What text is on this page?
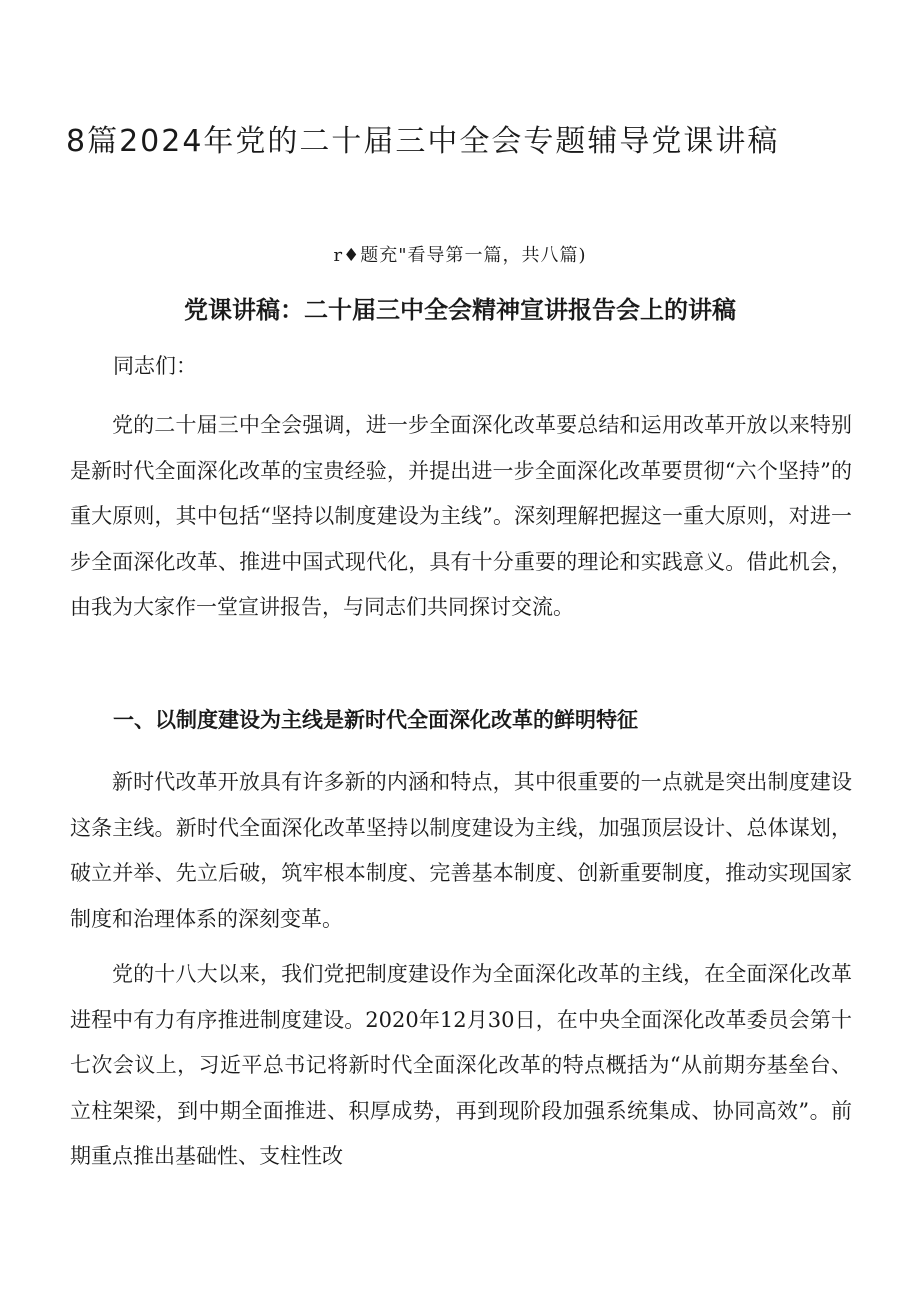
8篇2024年党的二十届三中全会专题辅导党课讲稿
r♦题充"看导第一篇，共八篇)
党课讲稿：二十届三中全会精神宣讲报告会上的讲稿
同志们：

党的二十届三中全会强调，进一步全面深化改革要总结和运用改革开放以来特别是新时代全面深化改革的宝贵经验，并提出进一步全面深化改革要贯彻“六个坚持”的重大原则，其中包括“坚持以制度建设为主线”。深刻理解把握这一重大原则，对进一步全面深化改革、推进中国式现代化，具有十分重要的理论和实践意义。借此机会，由我为大家作一堂宣讲报告，与同志们共同探讨交流。

一、以制度建设为主线是新时代全面深化改革的鲜明特征

新时代改革开放具有许多新的内涵和特点，其中很重要的一点就是突出制度建设这条主线。新时代全面深化改革坚持以制度建设为主线，加强顶层设计、总体谋划，破立并举、先立后破，筑牢根本制度、完善基本制度、创新重要制度，推动实现国家制度和治理体系的深刻变革。

党的十八大以来，我们党把制度建设作为全面深化改革的主线，在全面深化改革进程中有力有序推进制度建设。2020年12月30日，在中央全面深化改革委员会第十七次会议上，习近平总书记将新时代全面深化改革的特点概括为“从前期夯基垒台、立柱架梁，到中期全面推进、积厚成势，再到现阶段加强系统集成、协同高效”。前期重点推出基础性、支柱性改
